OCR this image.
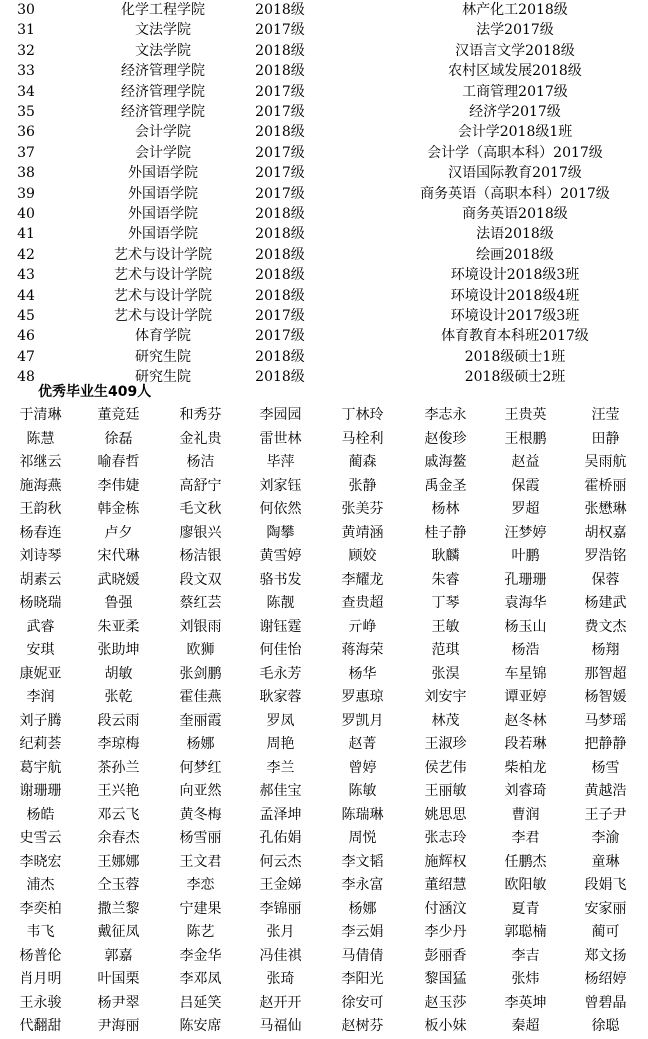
30	化学工程学院	2018级	林产化工2018级
31	文法学院	2017级	法学2017级
32	文法学院	2018级	汉语言文学2018级
33	经济管理学院	2018级	农村区域发展2018级
34	经济管理学院	2017级	工商管理2017级
35	经济管理学院	2017级	经济学2017级
36	会计学院	2018级	会计学2018级1班
37	会计学院	2017级	会计学（高职本科）2017级
38	外国语学院	2017级	汉语国际教育2017级
39	外国语学院	2017级	商务英语（高职本科）2017级
40	外国语学院	2018级	商务英语2018级
41	外国语学院	2018级	法语2018级
42	艺术与设计学院	2018级	绘画2018级
43	艺术与设计学院	2018级	环境设计2018级3班
44	艺术与设计学院	2018级	环境设计2018级4班
45	艺术与设计学院	2017级	环境设计2017级3班
46	体育学院	2017级	体育教育本科班2017级
47	研究生院	2018级	2018级硕士1班
48	研究生院	2018级	2018级硕士2班
优秀毕业生409人
于清琳	董竞廷	和秀芬	李园园	丁林玲	李志永	王贵英	汪莹
陈慧	徐磊	金礼贵	雷世林	马栓利	赵俊珍	王根鹏	田静
祁继云	喻春哲	杨洁	毕萍	蔺森	戚海鳌	赵益	吴雨航
施海燕	李伟婕	高舒宁	刘家钰	张静	禹金圣	保霞	霍桥丽
王韵秋	韩金栋	毛文秋	何依然	张美芬	杨林	罗超	张懋琳
杨春连	卢夕	廖银兴	陶攀	黄靖涵	桂子静	汪梦婷	胡权嘉
刘诗琴	宋代琳	杨洁银	黄雪婷	顾姣	耿麟	叶鹏	罗浩铭
胡素云	武晓媛	段文双	骆书发	李耀龙	朱睿	孔珊珊	保蓉
杨晓瑞	鲁强	蔡红芸	陈靓	查贵超	丁琴	袁海华	杨建武
武睿	朱亚柔	刘银雨	谢钰霆	亓峥	王敏	杨玉山	费文杰
安琪	张助坤	欧狮	何佳怡	蒋海荣	范琪	杨浩	杨翔
康妮亚	胡敏	张剑鹏	毛永芳	杨华	张淏	车星锦	那智超
李润	张乾	霍佳燕	耿家蓉	罗惠琼	刘安宇	谭亚婷	杨智媛
刘子腾	段云雨	奎丽霞	罗凤	罗凯月	林茂	赵冬林	马梦瑶
纪莉荟	李琼梅	杨娜	周艳	赵菁	王淑珍	段若琳	把静静
葛宇航	茶孙兰	何梦红	李兰	曾婷	侯艺伟	柴柏龙	杨雪
谢珊珊	王兴艳	向亚然	郝佳宝	陈敏	王丽敏	刘睿琦	黄越浩
杨皓	邓云飞	黄冬梅	孟泽坤	陈瑞琳	姚思思	曹润	王子尹
史雪云	余春杰	杨雪丽	孔佑娟	周悦	张志玲	李君	李渝
李晓宏	王娜娜	王文君	何云杰	李文韬	施辉权	任鹏杰	童琳
浦杰	仝玉蓉	李恋	王金娣	李永富	董绍慧	欧阳敏	段娟飞
李奕柏	撒兰黎	宁建果	李锦丽	杨娜	付涵汶	夏青	安家丽
韦飞	戴征凤	陈艺	张月	李云娟	李少丹	郭聪楠	蔺可
杨普伦	郭嘉	李金华	冯佳祺	马倩倩	彭丽香	李吉	郑文扬
肖月明	叶国栗	李邓凤	张琦	李阳光	黎国猛	张炜	杨绍婷
王永骏	杨尹翠	吕延笑	赵开开	徐安可	赵玉莎	李英坤	曾碧晶
代翻甜	尹海丽	陈安席	马福仙	赵树芬	板小妹	秦超	徐聪
